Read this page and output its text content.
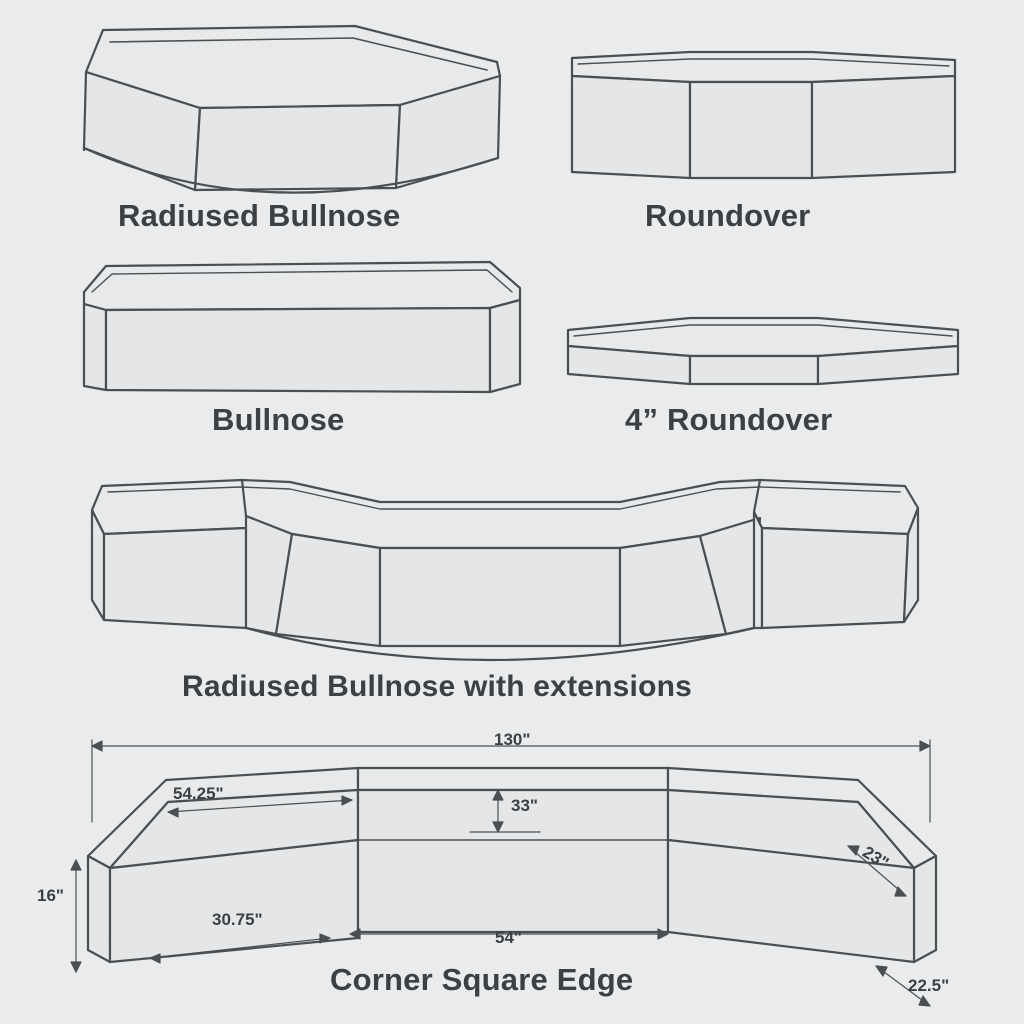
Radiused Bullnose	Roundover
Bullnose	4” Roundover
Radiused Bullnose with extensions
Corner Square Edge
130"
54.25"
33"
16"
30.75"
54"
23"
22.5"
